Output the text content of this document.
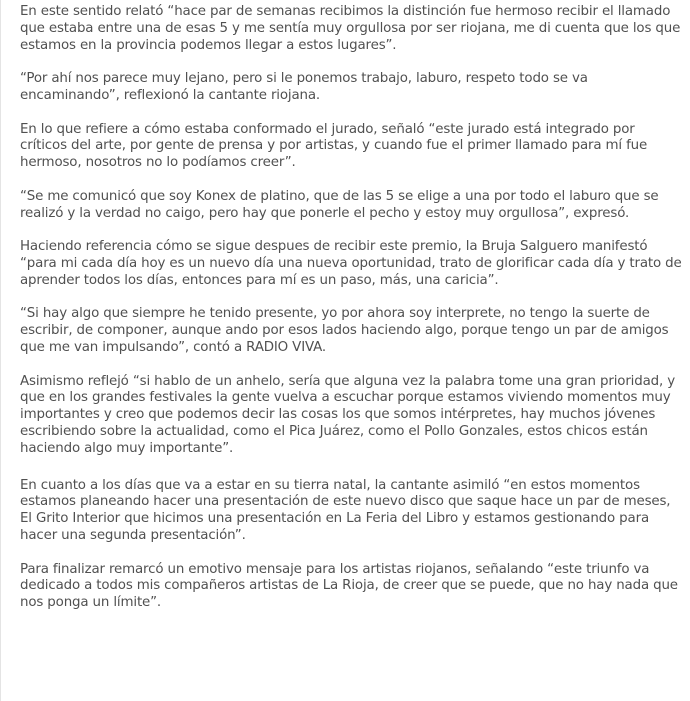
En este sentido relató “hace par de semanas recibimos la distinción fue hermoso recibir el llamado que estaba entre una de esas 5 y me sentía muy orgullosa por ser riojana, me di cuenta que los que estamos en la provincia podemos llegar a estos lugares”.

“Por ahí nos parece muy lejano, pero si le ponemos trabajo, laburo, respeto todo se va encaminando”, reflexionó la cantante riojana.

En lo que refiere a cómo estaba conformado el jurado, señaló “este jurado está integrado por críticos del arte, por gente de prensa y por artistas, y cuando fue el primer llamado para mí fue hermoso, nosotros no lo podíamos creer”.

“Se me comunicó que soy Konex de platino, que de las 5 se elige a una por todo el laburo que se realizó y la verdad no caigo, pero hay que ponerle el pecho y estoy muy orgullosa”, expresó.

Haciendo referencia cómo se sigue despues de recibir este premio, la Bruja Salguero manifestó “para mi cada día hoy es un nuevo día una nueva oportunidad, trato de glorificar cada día y trato de aprender todos los días, entonces para mí es un paso, más, una caricia”.

“Si hay algo que siempre he tenido presente, yo por ahora soy interprete, no tengo la suerte de escribir, de componer, aunque ando por esos lados haciendo algo, porque tengo un par de amigos que me van impulsando”, contó a RADIO VIVA.

Asimismo reflejó “si hablo de un anhelo, sería que alguna vez la palabra tome una gran prioridad, y que en los grandes festivales la gente vuelva a escuchar porque estamos viviendo momentos muy importantes y creo que podemos decir las cosas los que somos intérpretes, hay muchos jóvenes escribiendo sobre la actualidad, como el Pica Juárez, como el Pollo Gonzales, estos chicos están haciendo algo muy importante”.

En cuanto a los días que va a estar en su tierra natal, la cantante asimiló “en estos momentos estamos planeando hacer una presentación de este nuevo disco que saque hace un par de meses, El Grito Interior que hicimos una presentación en La Feria del Libro y estamos gestionando para hacer una segunda presentación”.

Para finalizar remarcó un emotivo mensaje para los artistas riojanos, señalando “este triunfo va dedicado a todos mis compañeros artistas de La Rioja, de creer que se puede, que no hay nada que nos ponga un límite”.
